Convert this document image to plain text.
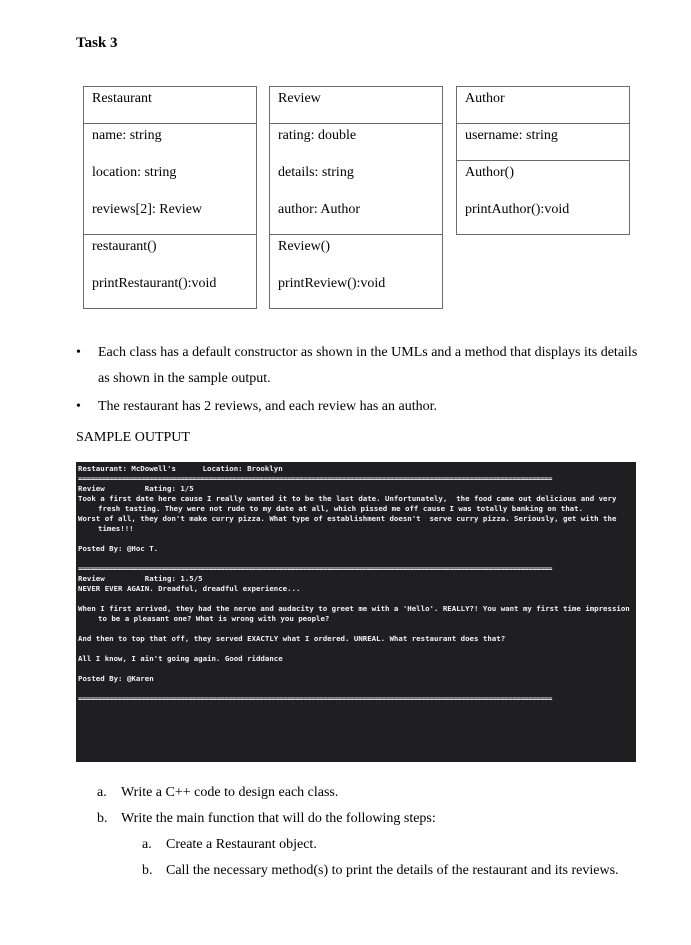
Task 3
Restaurant
name: string
location: string
reviews[2]: Review
restaurant()
printRestaurant():void
Review
rating: double
details: string
author: Author
Review()
printReview():void
Author
username: string
Author()
printAuthor():void
• Each class has a default constructor as shown in the UMLs and a method that displays its details as shown in the sample output.
• The restaurant has 2 reviews, and each review has an author.
SAMPLE OUTPUT
Restaurant: McDowell's      Location: Brooklyn
========================================================================================================================
Review         Rating: 1/5
Took a first date here cause I really wanted it to be the last date. Unfortunately,  the food came out delicious and very fresh tasting. They were not rude to my date at all, which pissed me off cause I was totally banking on that.
Worst of all, they don't make curry pizza. What type of establishment doesn't  serve curry pizza. Seriously, get with the times!!!
Posted By: @Hoc T.
========================================================================================================================
Review         Rating: 1.5/5
NEVER EVER AGAIN. Dreadful, dreadful experience...
When I first arrived, they had the nerve and audacity to greet me with a 'Hello'. REALLY?! You want my first time impression to be a pleasant one? What is wrong with you people?
And then to top that off, they served EXACTLY what I ordered. UNREAL. What restaurant does that?
All I know, I ain't going again. Good riddance
Posted By: @Karen
========================================================================================================================
a. Write a C++ code to design each class.
b. Write the main function that will do the following steps:
a. Create a Restaurant object.
b. Call the necessary method(s) to print the details of the restaurant and its reviews.
